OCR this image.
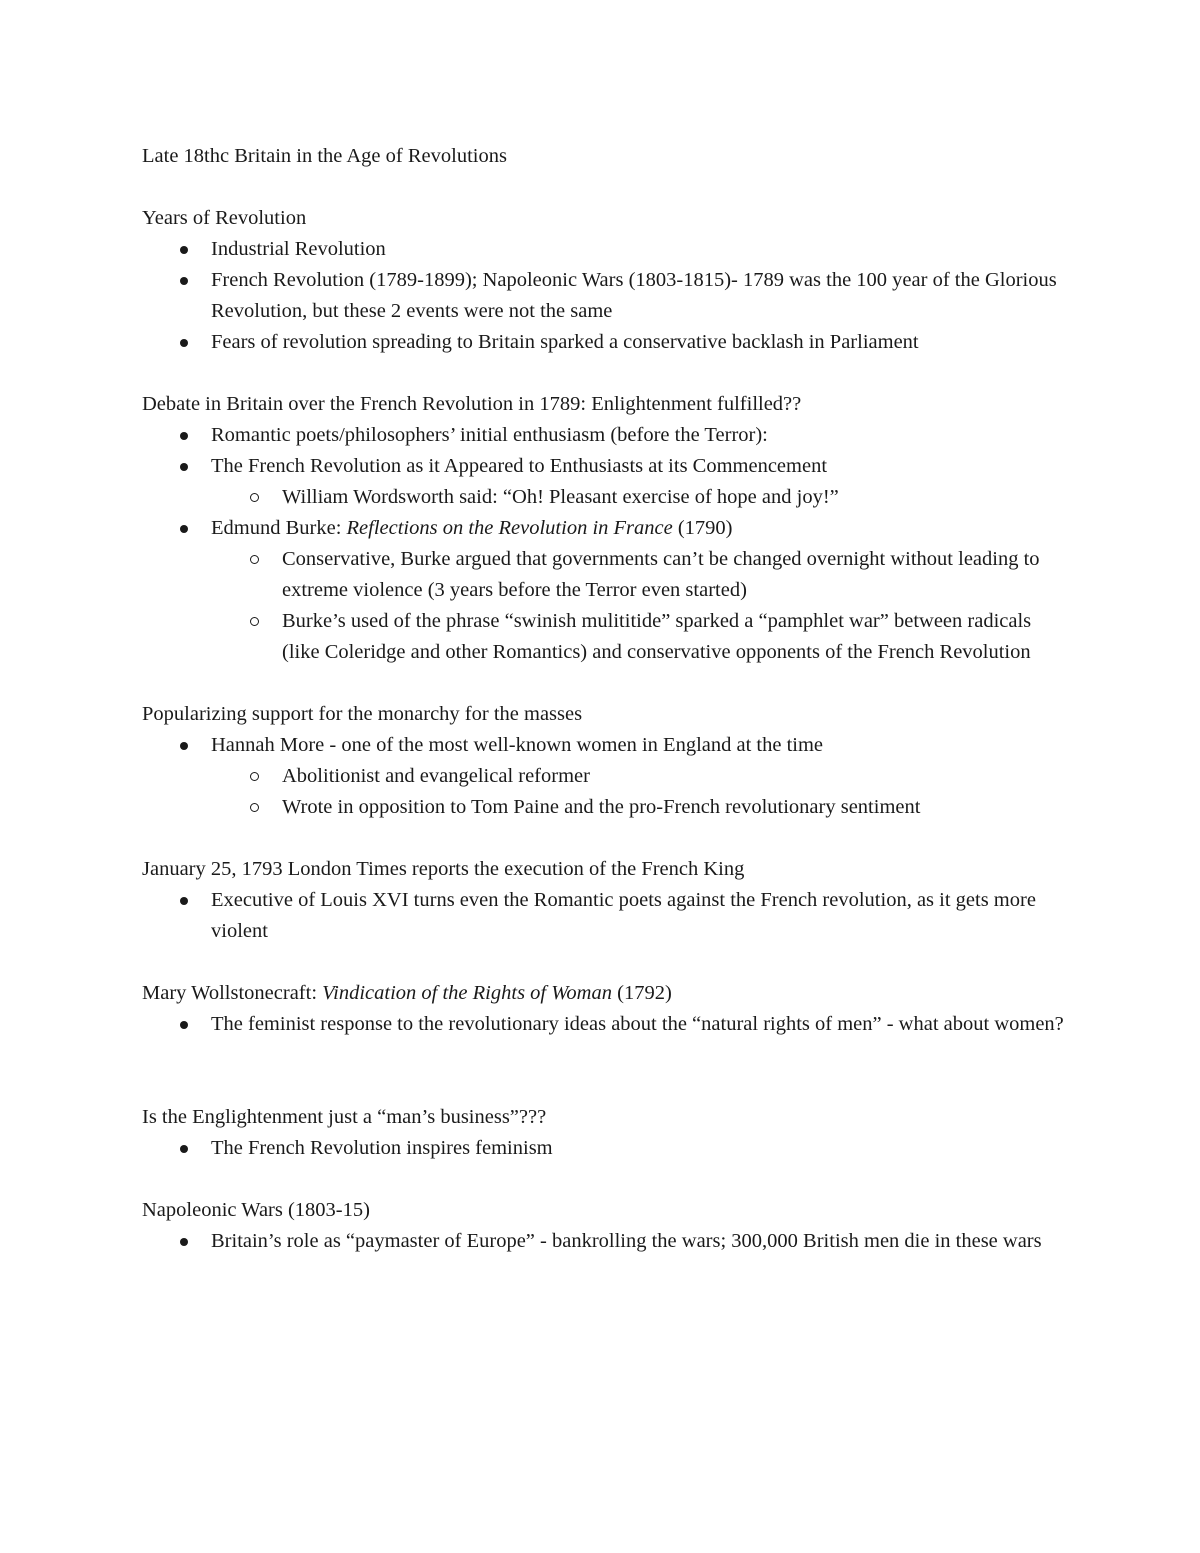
Late 18thc Britain in the Age of Revolutions

Years of Revolution

Industrial Revolution
French Revolution (1789-1899); Napoleonic Wars (1803-1815)- 1789 was the 100 year of the Glorious Revolution, but these 2 events were not the same
Fears of revolution spreading to Britain sparked a conservative backlash in Parliament

Debate in Britain over the French Revolution in 1789: Enlightenment fulfilled??

Romantic poets/philosophers’ initial enthusiasm (before the Terror):
The French Revolution as it Appeared to Enthusiasts at its Commencement
William Wordsworth said: “Oh! Pleasant exercise of hope and joy!”
Edmund Burke: Reflections on the Revolution in France (1790)
Conservative, Burke argued that governments can’t be changed overnight without leading to extreme violence (3 years before the Terror even started)
Burke’s used of the phrase “swinish mulititide” sparked a “pamphlet war” between radicals (like Coleridge and other Romantics) and conservative opponents of the French Revolution

Popularizing support for the monarchy for the masses

Hannah More - one of the most well-known women in England at the time
Abolitionist and evangelical reformer
Wrote in opposition to Tom Paine and the pro-French revolutionary sentiment

January 25, 1793 London Times reports the execution of the French King

Executive of Louis XVI turns even the Romantic poets against the French revolution, as it gets more violent

Mary Wollstonecraft: Vindication of the Rights of Woman (1792)

The feminist response to the revolutionary ideas about the “natural rights of men” - what about women?

Is the Englightenment just a “man’s business”???

The French Revolution inspires feminism

Napoleonic Wars (1803-15)

Britain’s role as “paymaster of Europe” - bankrolling the wars; 300,000 British men die in these wars
